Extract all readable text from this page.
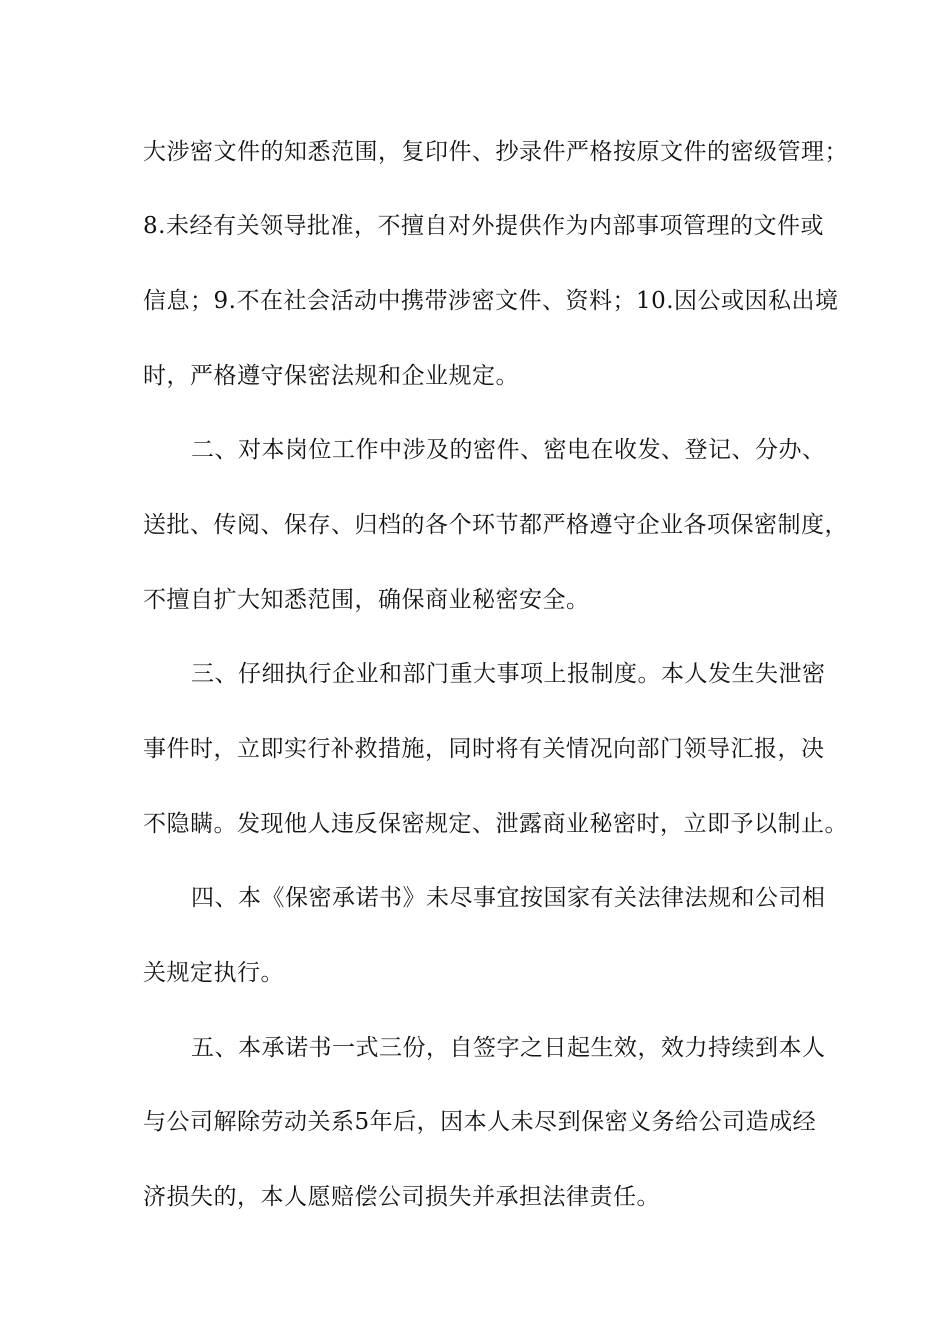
大涉密文件的知悉范围，复印件、抄录件严格按原文件的密级管理；
8.未经有关领导批准，不擅自对外提供作为内部事项管理的文件或
信息；9.不在社会活动中携带涉密文件、资料；10.因公或因私出境
时，严格遵守保密法规和企业规定。
二、对本岗位工作中涉及的密件、密电在收发、登记、分办、
送批、传阅、保存、归档的各个环节都严格遵守企业各项保密制度，
不擅自扩大知悉范围，确保商业秘密安全。
三、仔细执行企业和部门重大事项上报制度。本人发生失泄密
事件时，立即实行补救措施，同时将有关情况向部门领导汇报，决
不隐瞒。发现他人违反保密规定、泄露商业秘密时，立即予以制止。
四、本《保密承诺书》未尽事宜按国家有关法律法规和公司相
关规定执行。
五、本承诺书一式三份，自签字之日起生效，效力持续到本人
与公司解除劳动关系5年后，因本人未尽到保密义务给公司造成经
济损失的，本人愿赔偿公司损失并承担法律责任。
